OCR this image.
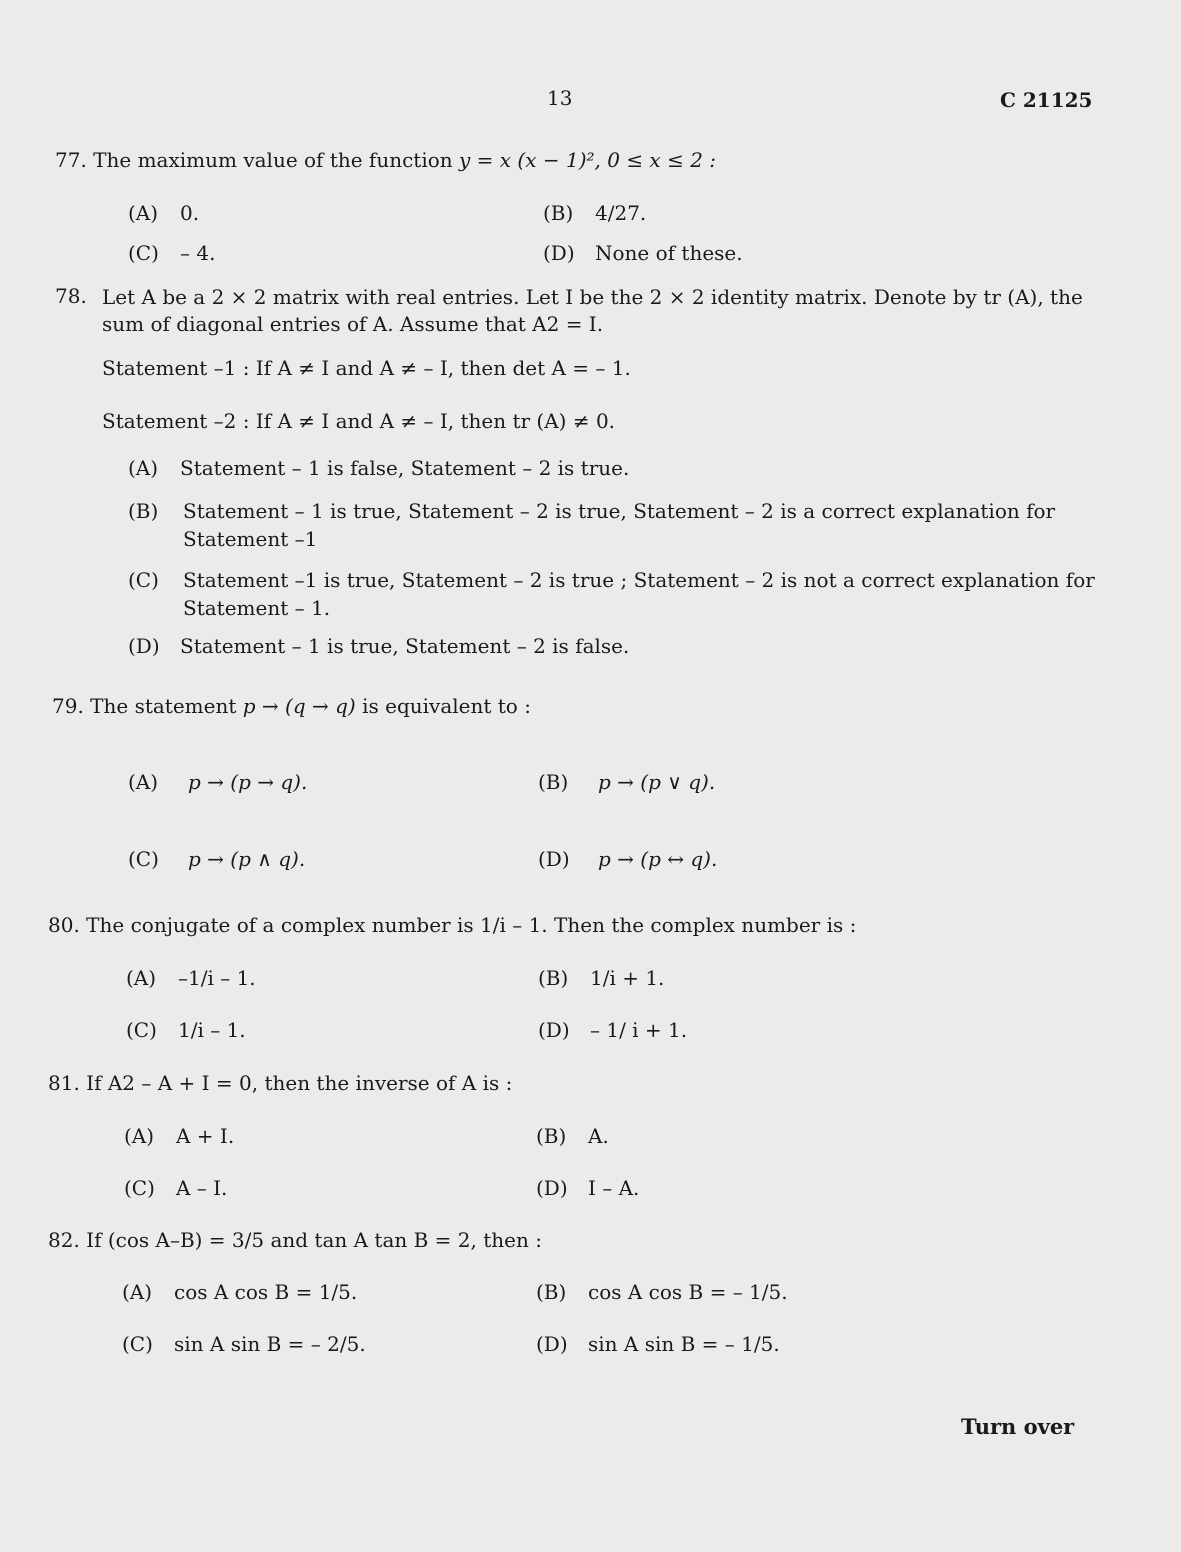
13	C 21125
77. The maximum value of the function y = x (x − 1)², 0 ≤ x ≤ 2 :
(A) 0.	(B) 4/27.
(C) – 4.	(D) None of these.
78. Let A be a 2 × 2 matrix with real entries. Let I be the 2 × 2 identity matrix. Denote by tr (A), the sum of diagonal entries of A. Assume that A2 = I.
Statement –1 : If A ≠ I and A ≠ – I, then det A = – 1.
Statement –2 : If A ≠ I and A ≠ – I, then tr (A) ≠ 0.
(A) Statement – 1 is false, Statement – 2 is true.
(B) Statement – 1 is true, Statement – 2 is true, Statement – 2 is a correct explanation for Statement –1
(C) Statement –1 is true, Statement – 2 is true ; Statement – 2 is not a correct explanation for Statement – 1.
(D) Statement – 1 is true, Statement – 2 is false.
79. The statement p → (q → q) is equivalent to :
(A) p → (p → q).	(B) p → (p ∨ q).
(C) p → (p ∧ q).	(D) p → (p ↔ q).
80. The conjugate of a complex number is 1/i – 1. Then the complex number is :
(A) –1/i – 1.	(B) 1/i + 1.
(C) 1/i – 1.	(D) – 1/ i + 1.
81. If A2 – A + I = 0, then the inverse of A is :
(A) A + I.	(B) A.
(C) A – I.	(D) I – A.
82. If (cos A–B) = 3/5 and tan A tan B = 2, then :
(A) cos A cos B = 1/5.	(B) cos A cos B = – 1/5.
(C) sin A sin B = – 2/5.	(D) sin A sin B = – 1/5.
Turn over
